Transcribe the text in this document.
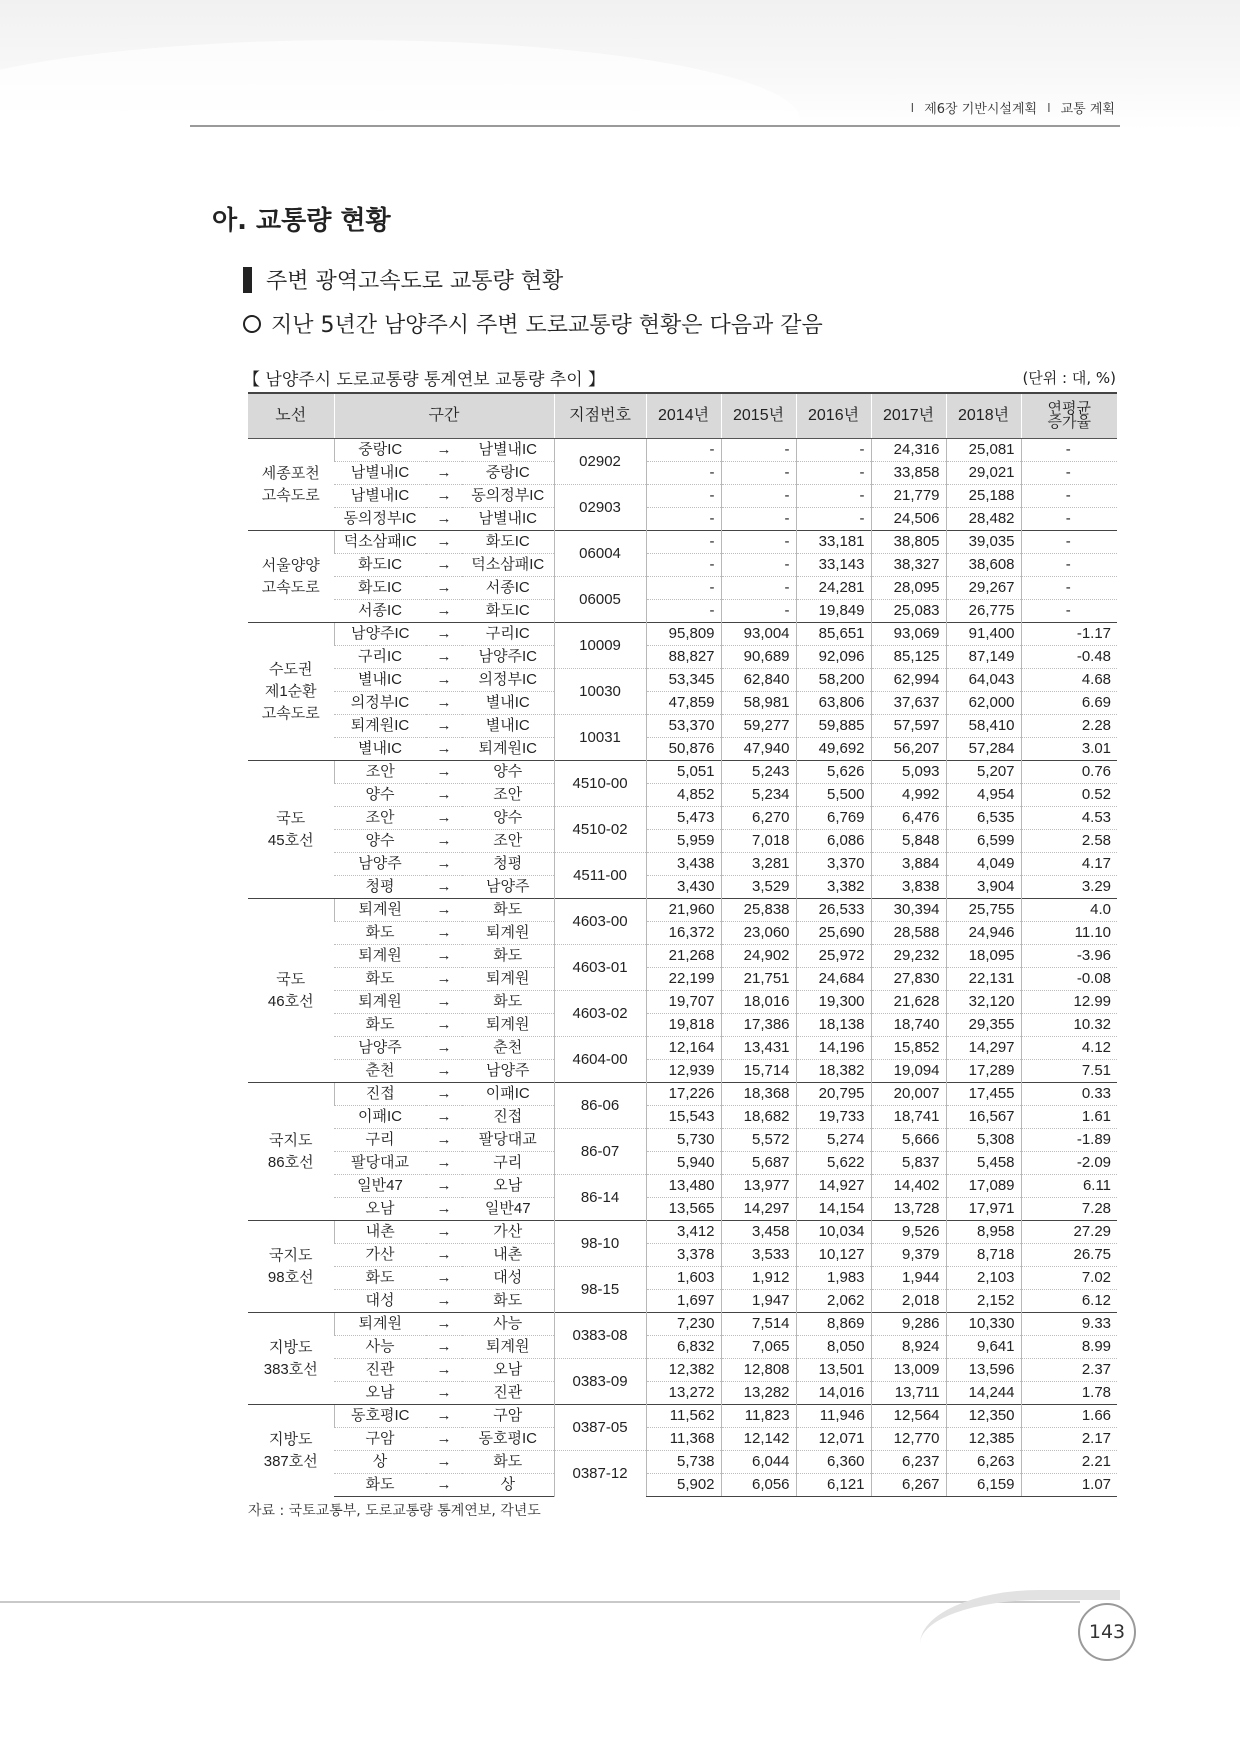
I 제6장 기반시설계획 I 교통 계획
아. 교통량 현황
주변 광역고속도로 교통량 현황
지난 5년간 남양주시 주변 도로교통량 현황은 다음과 같음
【 남양주시 도로교통량 통계연보 교통량 추이 】	(단위 : 대, %)
노선	구간			지점번호	2014년	2015년	2016년	2017년	2018년	연평균
증가율
세종포천
고속도로	중랑IC	→	남별내IC	02902	-	-	-	24,316	25,081	-
	남별내IC	→	중랑IC		-	-	-	33,858	29,021	-
	남별내IC	→	동의정부IC	02903	-	-	-	21,779	25,188	-
	동의정부IC	→	남별내IC		-	-	-	24,506	28,482	-
서울양양
고속도로	덕소삼패IC	→	화도IC	06004	-	-	33,181	38,805	39,035	-
	화도IC	→	덕소삼패IC		-	-	33,143	38,327	38,608	-
	화도IC	→	서종IC	06005	-	-	24,281	28,095	29,267	-
	서종IC	→	화도IC		-	-	19,849	25,083	26,775	-
수도권
제1순환
고속도로	남양주IC	→	구리IC	10009	95,809	93,004	85,651	93,069	91,400	-1.17
	구리IC	→	남양주IC		88,827	90,689	92,096	85,125	87,149	-0.48
	별내IC	→	의정부IC	10030	53,345	62,840	58,200	62,994	64,043	4.68
	의정부IC	→	별내IC		47,859	58,981	63,806	37,637	62,000	6.69
	퇴계원IC	→	별내IC	10031	53,370	59,277	59,885	57,597	58,410	2.28
	별내IC	→	퇴계원IC		50,876	47,940	49,692	56,207	57,284	3.01
국도
45호선	조안	→	양수	4510-00	5,051	5,243	5,626	5,093	5,207	0.76
	양수	→	조안		4,852	5,234	5,500	4,992	4,954	0.52
	조안	→	양수	4510-02	5,473	6,270	6,769	6,476	6,535	4.53
	양수	→	조안		5,959	7,018	6,086	5,848	6,599	2.58
	남양주	→	청평	4511-00	3,438	3,281	3,370	3,884	4,049	4.17
	청평	→	남양주		3,430	3,529	3,382	3,838	3,904	3.29
국도
46호선	퇴계원	→	화도	4603-00	21,960	25,838	26,533	30,394	25,755	4.0
	화도	→	퇴계원		16,372	23,060	25,690	28,588	24,946	11.10
	퇴계원	→	화도	4603-01	21,268	24,902	25,972	29,232	18,095	-3.96
	화도	→	퇴계원		22,199	21,751	24,684	27,830	22,131	-0.08
	퇴계원	→	화도	4603-02	19,707	18,016	19,300	21,628	32,120	12.99
	화도	→	퇴계원		19,818	17,386	18,138	18,740	29,355	10.32
	남양주	→	춘천	4604-00	12,164	13,431	14,196	15,852	14,297	4.12
	춘천	→	남양주		12,939	15,714	18,382	19,094	17,289	7.51
국지도
86호선	진접	→	이패IC	86-06	17,226	18,368	20,795	20,007	17,455	0.33
	이패IC	→	진접		15,543	18,682	19,733	18,741	16,567	1.61
	구리	→	팔당대교	86-07	5,730	5,572	5,274	5,666	5,308	-1.89
	팔당대교	→	구리		5,940	5,687	5,622	5,837	5,458	-2.09
	일반47	→	오남	86-14	13,480	13,977	14,927	14,402	17,089	6.11
	오남	→	일반47		13,565	14,297	14,154	13,728	17,971	7.28
국지도
98호선	내촌	→	가산	98-10	3,412	3,458	10,034	9,526	8,958	27.29
	가산	→	내촌		3,378	3,533	10,127	9,379	8,718	26.75
	화도	→	대성	98-15	1,603	1,912	1,983	1,944	2,103	7.02
	대성	→	화도		1,697	1,947	2,062	2,018	2,152	6.12
지방도
383호선	퇴계원	→	사능	0383-08	7,230	7,514	8,869	9,286	10,330	9.33
	사능	→	퇴계원		6,832	7,065	8,050	8,924	9,641	8.99
	진관	→	오남	0383-09	12,382	12,808	13,501	13,009	13,596	2.37
	오남	→	진관		13,272	13,282	14,016	13,711	14,244	1.78
지방도
387호선	동호평IC	→	구암	0387-05	11,562	11,823	11,946	12,564	12,350	1.66
	구암	→	동호평IC		11,368	12,142	12,071	12,770	12,385	2.17
	상	→	화도	0387-12	5,738	6,044	6,360	6,237	6,263	2.21
	화도	→	상		5,902	6,056	6,121	6,267	6,159	1.07
자료 : 국토교통부, 도로교통량 통계연보, 각년도
143
